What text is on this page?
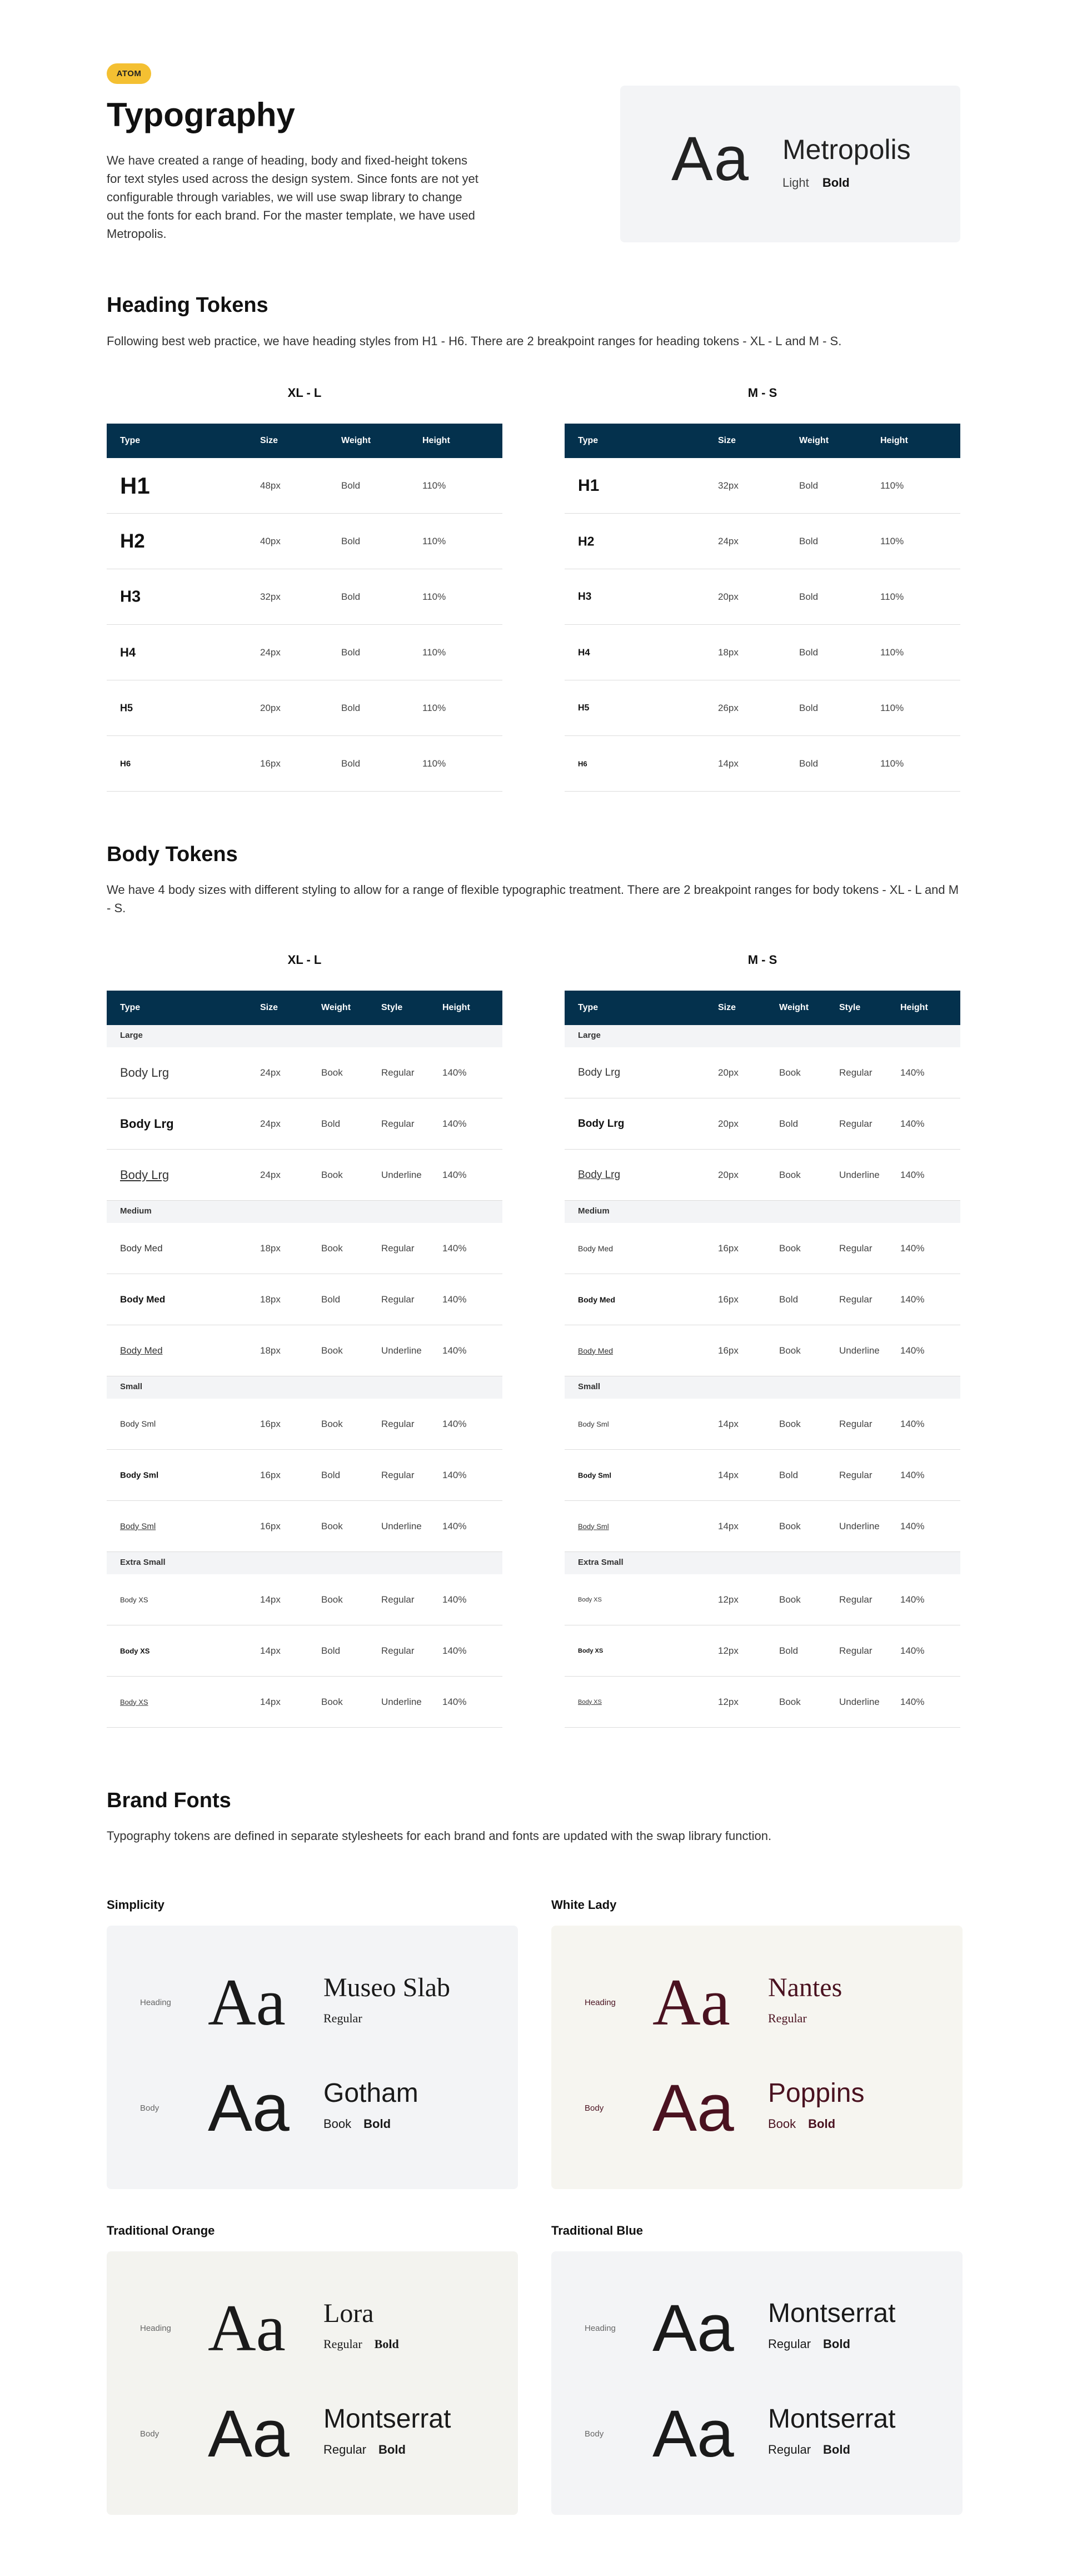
ATOM
Typography

We have created a range of heading, body and fixed-height tokens for text styles used across the design system. Since fonts are not yet configurable through variables, we will use swap library to change out the fonts for each brand. For the master template, we have used Metropolis.

Aa Metropolis
Light Bold
Heading Tokens

Following best web practice, we have heading styles from H1 - H6. There are 2 breakpoint ranges for heading tokens - XL - L and M - S.

XL - L	M - S
Type	Size	Weight	Height
H1	48px	Bold	110%
H2	40px	Bold	110%
H3	32px	Bold	110%
H4	24px	Bold	110%
H5	20px	Bold	110%
H6	16px	Bold	110%
Type	Size	Weight	Height
H1	32px	Bold	110%
H2	24px	Bold	110%
H3	20px	Bold	110%
H4	18px	Bold	110%
H5	26px	Bold	110%
H6	14px	Bold	110%
Body Tokens

We have 4 body sizes with different styling to allow for a range of flexible typographic treatment. There are 2 breakpoint ranges for body tokens - XL - L and M - S.

XL - L	M - S
Type	Size	Weight	Style	Height
Large
Body Lrg	24px	Book	Regular	140%
Body Lrg	24px	Bold	Regular	140%
Body Lrg	24px	Book	Underline 140%
Medium
Body Med	18px	Book	Regular	140%
Body Med	18px	Bold	Regular	140%
Body Med	18px	Book	Underline 140%
Small
Body Sml	16px	Book	Regular	140%
Body Sml	16px	Bold	Regular	140%
Body Sml	16px	Book	Underline 140%
Extra Small
Body XS	14px	Book	Regular	140%
Body XS	14px	Bold	Regular	140%
Body XS	14px	Book	Underline 140%
Type	Size	Weight	Style	Height
Large
Body Lrg	20px	Book	Regular	140%
Body Lrg	20px	Bold	Regular	140%
Body Lrg	20px	Book	Underline 140%
Medium
Body Med	16px	Book	Regular	140%
Body Med	16px	Bold	Regular	140%
Body Med	16px	Book	Underline 140%
Small
Body Sml	14px	Book	Regular	140%
Body Sml	14px	Bold	Regular	140%
Body Sml	14px	Book	Underline 140%
Extra Small
Body XS	12px	Book	Regular	140%
Body XS	12px	Bold	Regular	140%
Body XS	12px	Book	Underline 140%
Brand Fonts

Typography tokens are defined in separate stylesheets for each brand and fonts are updated with the swap library function.

Simplicity
Heading Aa Museo Slab
Regular
Body Aa Gotham
Book Bold
White Lady
Heading Aa Nantes
Regular
Body Aa Poppins
Book Bold
Traditional Orange
Heading Aa Lora
Regular Bold
Body Aa Montserrat
Regular Bold
Traditional Blue
Heading Aa Montserrat
Regular Bold
Body Aa Montserrat
Regular Bold
